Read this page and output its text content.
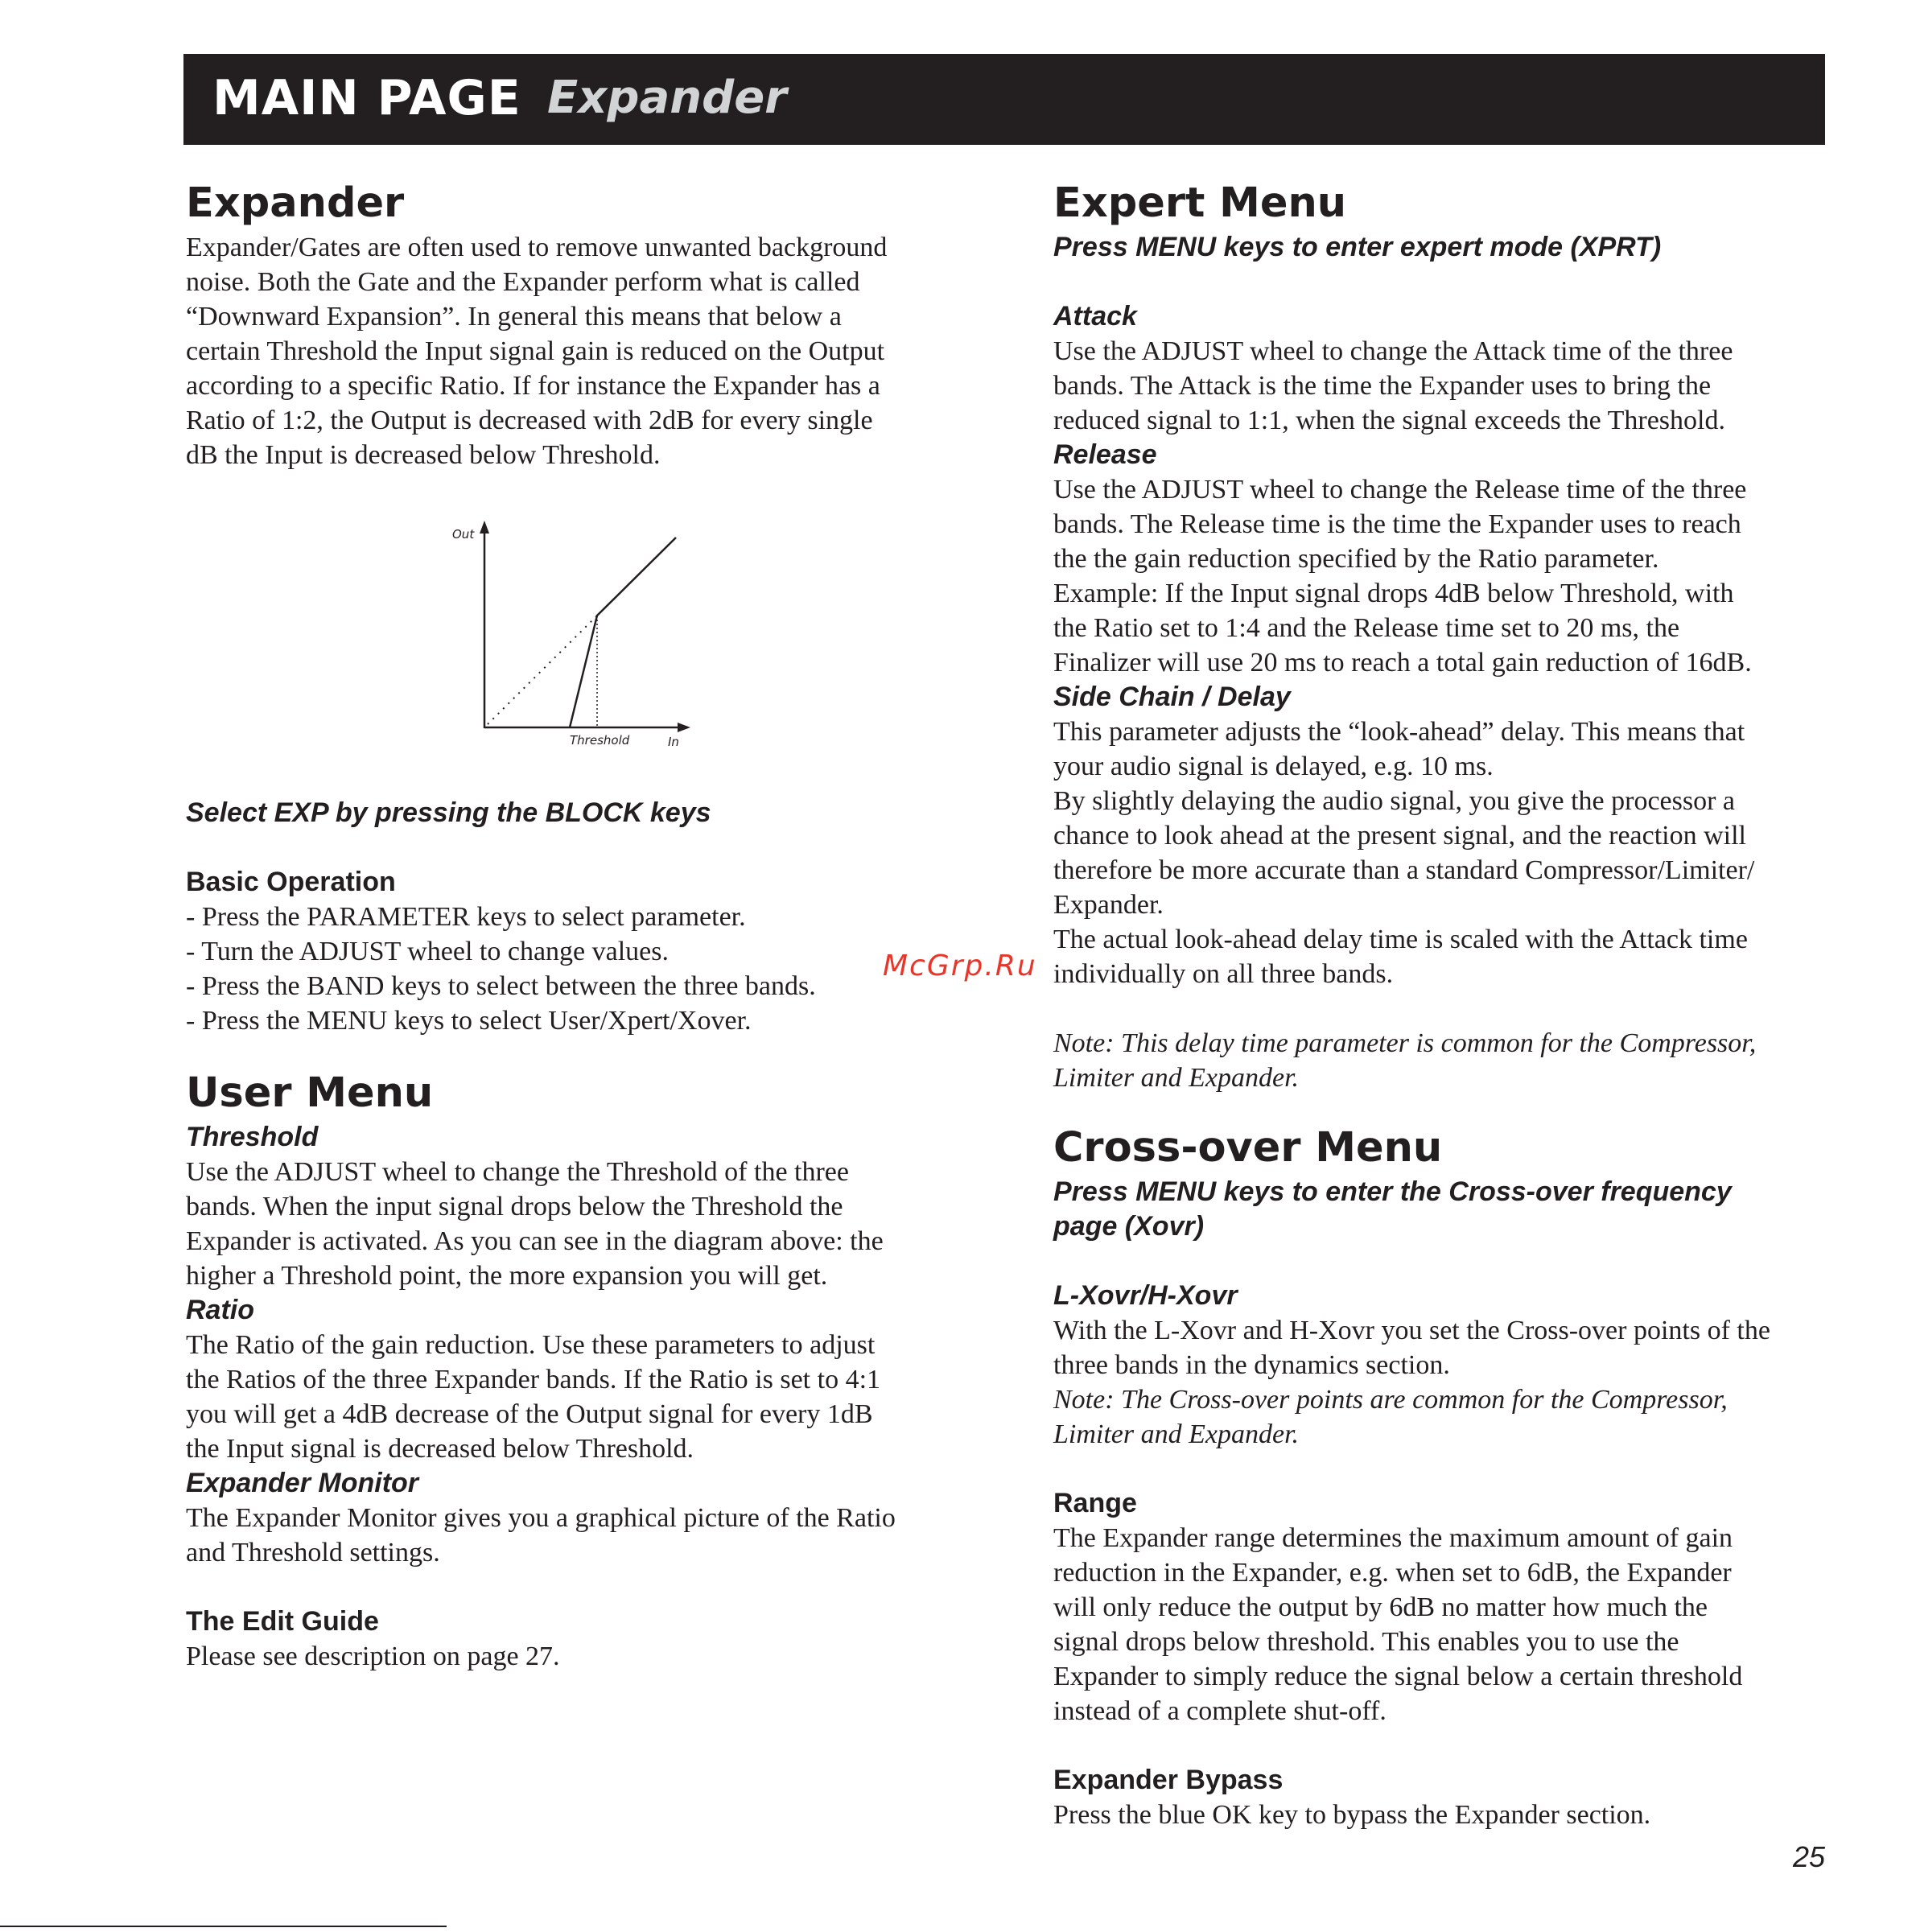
MAIN PAGE Expander
Expander

Expander/Gates are often used to remove unwanted background

noise. Both the Gate and the Expander perform what is called

“Downward Expansion”. In general this means that below a

certain Threshold the Input signal gain is reduced on the Output

according to a specific Ratio. If for instance the Expander has a

Ratio of 1:2, the Output is decreased with 2dB for every single

dB the Input is decreased below Threshold.

Select EXP by pressing the BLOCK keys

Basic Operation

- Press the PARAMETER keys to select parameter.

- Turn the ADJUST wheel to change values.

- Press the BAND keys to select between the three bands.

- Press the MENU keys to select User/Xpert/Xover.

User Menu

Threshold

Use the ADJUST wheel to change the Threshold of the three

bands. When the input signal drops below the Threshold the

Expander is activated. As you can see in the diagram above: the

higher a Threshold point, the more expansion you will get.

Ratio

The Ratio of the gain reduction. Use these parameters to adjust

the Ratios of the three Expander bands. If the Ratio is set to 4:1

you will get a 4dB decrease of the Output signal for every 1dB

the Input signal is decreased below Threshold.

Expander Monitor

The Expander Monitor gives you a graphical picture of the Ratio

and Threshold settings.

The Edit Guide

Please see description on page 27.

Out
Threshold	In
Expert Menu

Press MENU keys to enter expert mode (XPRT)

Attack

Use the ADJUST wheel to change the Attack time of the three

bands. The Attack is the time the Expander uses to bring the

reduced signal to 1:1, when the signal exceeds the Threshold.

Release

Use the ADJUST wheel to change the Release time of the three

bands. The Release time is the time the Expander uses to reach

the the gain reduction specified by the Ratio parameter.

Example: If the Input signal drops 4dB below Threshold, with

the Ratio set to 1:4 and the Release time set to 20 ms, the

Finalizer will use 20 ms to reach a total gain reduction of 16dB.

Side Chain / Delay

This parameter adjusts the “look-ahead” delay. This means that

your audio signal is delayed, e.g. 10 ms.

By slightly delaying the audio signal, you give the processor a

chance to look ahead at the present signal, and the reaction will

therefore be more accurate than a standard Compressor/Limiter/

Expander.

The actual look-ahead delay time is scaled with the Attack time

individually on all three bands.

Note: This delay time parameter is common for the Compressor,

Limiter and Expander.

Cross-over Menu

Press MENU keys to enter the Cross-over frequency

page (Xovr)

L-Xovr/H-Xovr

With the L-Xovr and H-Xovr you set the Cross-over points of the

three bands in the dynamics section.

Note: The Cross-over points are common for the Compressor,

Limiter and Expander.

Range

The Expander range determines the maximum amount of gain

reduction in the Expander, e.g. when set to 6dB, the Expander

will only reduce the output by 6dB no matter how much the

signal drops below threshold. This enables you to use the

Expander to simply reduce the signal below a certain threshold

instead of a complete shut-off.

Expander Bypass

Press the blue OK key to bypass the Expander section.

McGrp.Ru
25
